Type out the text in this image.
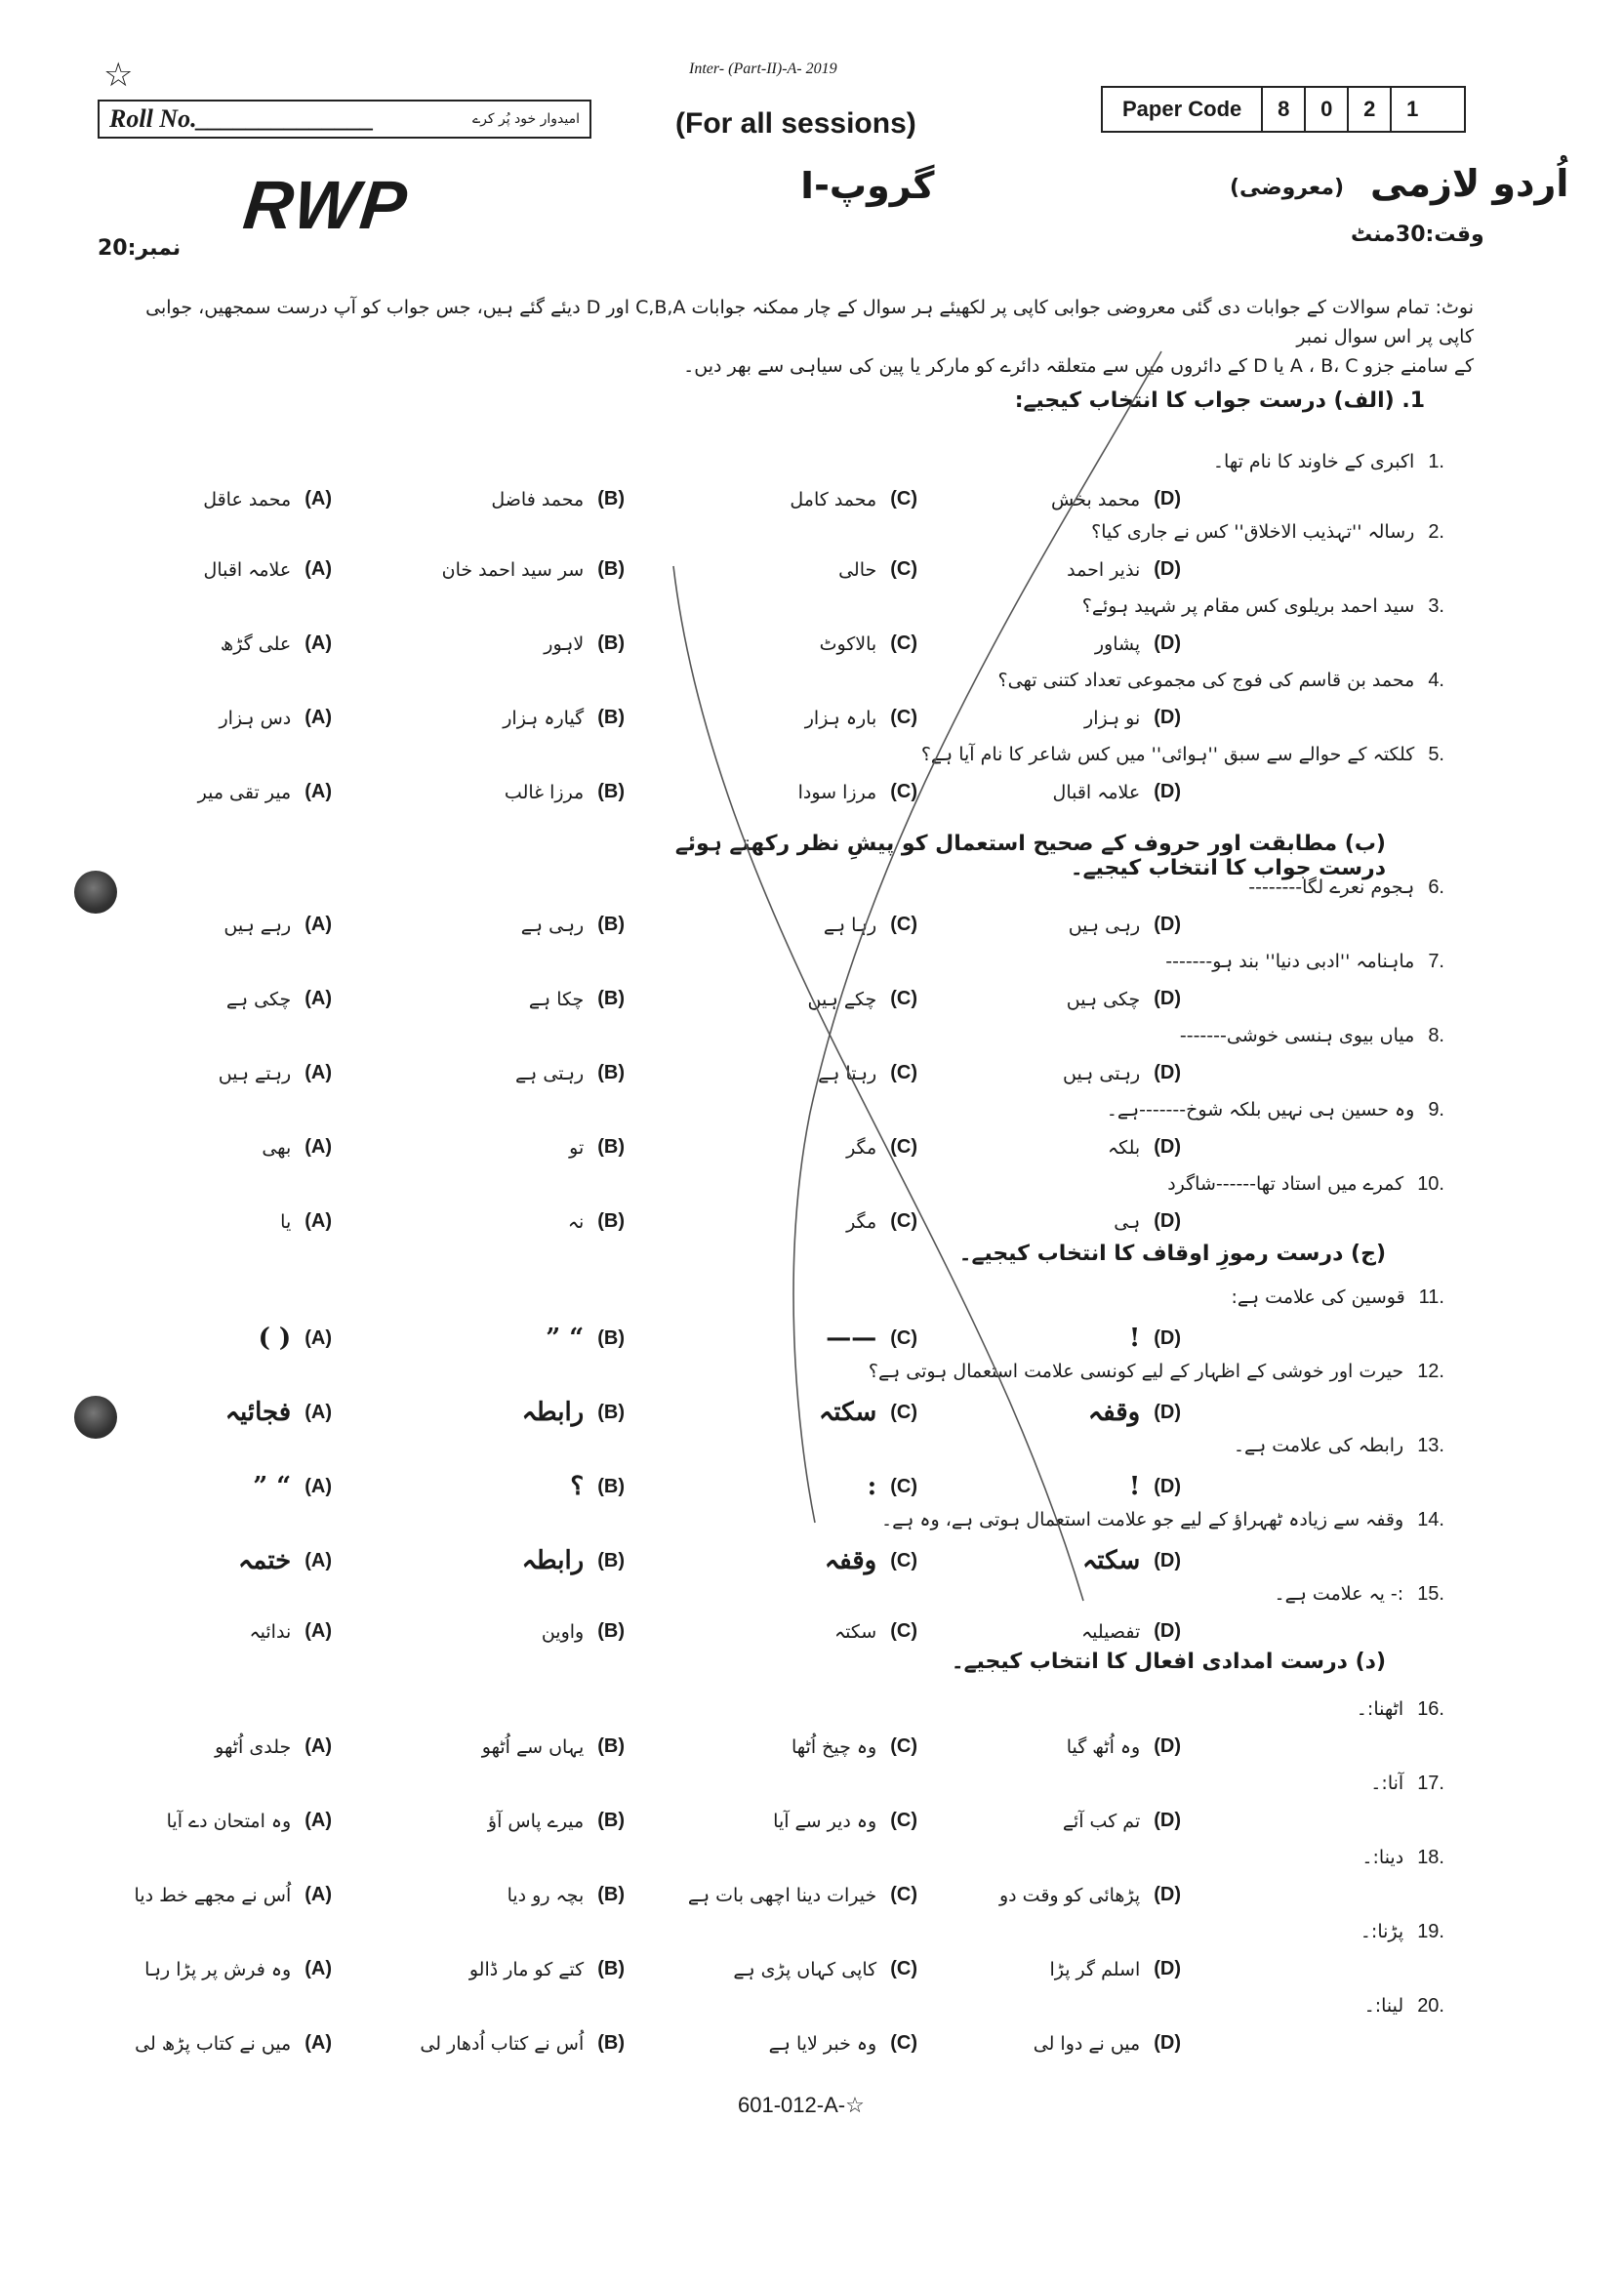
☆	Inter- (Part-II)-A- 2019
Roll No.______________	امیدوار خود پُر کرے	(For all sessions)	Paper Code	8	0	2	1
RWP	گروپ-I	(معروضی) اُردو لازمی
وقت:30منٹ
نمبر:20
نوٹ: تمام سوالات کے جوابات دی گئی معروضی جوابی کاپی پر لکھیئے ہر سوال کے چار ممکنہ جوابات C,B,A اور D دیئے گئے ہیں، جس جواب کو آپ درست سمجھیں، جوابی کاپی پر اس سوال نمبر
کے سامنے جزو A ، B، C یا D کے دائروں میں سے متعلقہ دائرے کو مارکر یا پین کی سیاہی سے بھر دیں۔
1. (الف) درست جواب کا انتخاب کیجیے:
(ب) مطابقت اور حروف کے صحیح استعمال کو پیشِ نظر رکھتے ہوئے درست جواب کا انتخاب کیجیے۔
(ج) درست رموزِ اوقاف کا انتخاب کیجیے۔
(د) درست امدادی افعال کا انتخاب کیجیے۔
اکبری کے خاوند کا نام تھا۔ 1.
محمد بخش (D)
محمد کامل (C)
محمد فاضل (B)
محمد عاقل (A)
رسالہ ''تہذیب الاخلاق'' کس نے جاری کیا؟ 2.
نذیر احمد (D)
حالی (C)
سر سید احمد خان (B)
علامہ اقبال (A)
سید احمد بریلوی کس مقام پر شہید ہوئے؟ 3.
پشاور (D)
بالاکوٹ (C)
لاہور (B)
علی گڑھ (A)
محمد بن قاسم کی فوج کی مجموعی تعداد کتنی تھی؟ 4.
نو ہزار (D)
بارہ ہزار (C)
گیارہ ہزار (B)
دس ہزار (A)
کلکتہ کے حوالے سے سبق ''ہوائی'' میں کس شاعر کا نام آیا ہے؟ 5.
علامہ اقبال (D)
مرزا سودا (C)
مرزا غالب (B)
میر تقی میر (A)
ہجوم نعرے لگا-------- 6.
رہی ہیں (D)
رہا ہے (C)
رہی ہے (B)
رہے ہیں (A)
ماہنامہ ''ادبی دنیا'' بند ہو------- 7.
چکی ہیں (D)
چکے ہیں (C)
چکا ہے (B)
چکی ہے (A)
میاں بیوی ہنسی خوشی------- 8.
رہتی ہیں (D)
رہتا ہے (C)
رہتی ہے (B)
رہتے ہیں (A)
وہ حسین ہی نہیں بلکہ شوخ-------ہے۔ 9.
بلکہ (D)
مگر (C)
تو (B)
بھی (A)
کمرے میں استاد تھا------شاگرد 10.
ہی (D)
مگر (C)
نہ (B)
یا (A)
قوسین کی علامت ہے: 11.
! (D)
—— (C)
“ ” (B)
( ) (A)
حیرت اور خوشی کے اظہار کے لیے کونسی علامت استعمال ہوتی ہے؟ 12.
وقفہ (D)
سکتہ (C)
رابطہ (B)
فجائیہ (A)
رابطہ کی علامت ہے۔ 13.
! (D)
: (C)
؟ (B)
“ ” (A)
وقفہ سے زیادہ ٹھہراؤ کے لیے جو علامت استعمال ہوتی ہے، وہ ہے۔ 14.
سکتہ (D)
وقفہ (C)
رابطہ (B)
ختمہ (A)
:- یہ علامت ہے۔ 15.
تفصیلیہ (D)
سکتہ (C)
واوین (B)
ندائیہ (A)
اٹھنا:۔ 16.
وہ اُٹھ گیا (D)
وہ چیخ اُٹھا (C)
یہاں سے اُٹھو (B)
جلدی اُٹھو (A)
آنا:۔ 17.
تم کب آئے (D)
وہ دیر سے آیا (C)
میرے پاس آؤ (B)
وہ امتحان دے آیا (A)
دینا:۔ 18.
پڑھائی کو وقت دو (D)
خیرات دینا اچھی بات ہے (C)
بچہ رو دیا (B)
اُس نے مجھے خط دیا (A)
پڑنا:۔ 19.
اسلم گر پڑا (D)
کاپی کہاں پڑی ہے (C)
کتے کو مار ڈالو (B)
وہ فرش پر پڑا رہا (A)
لینا:۔ 20.
میں نے دوا لی (D)
وہ خبر لایا ہے (C)
اُس نے کتاب اُدھار لی (B)
میں نے کتاب پڑھ لی (A)
601-012-A-☆
